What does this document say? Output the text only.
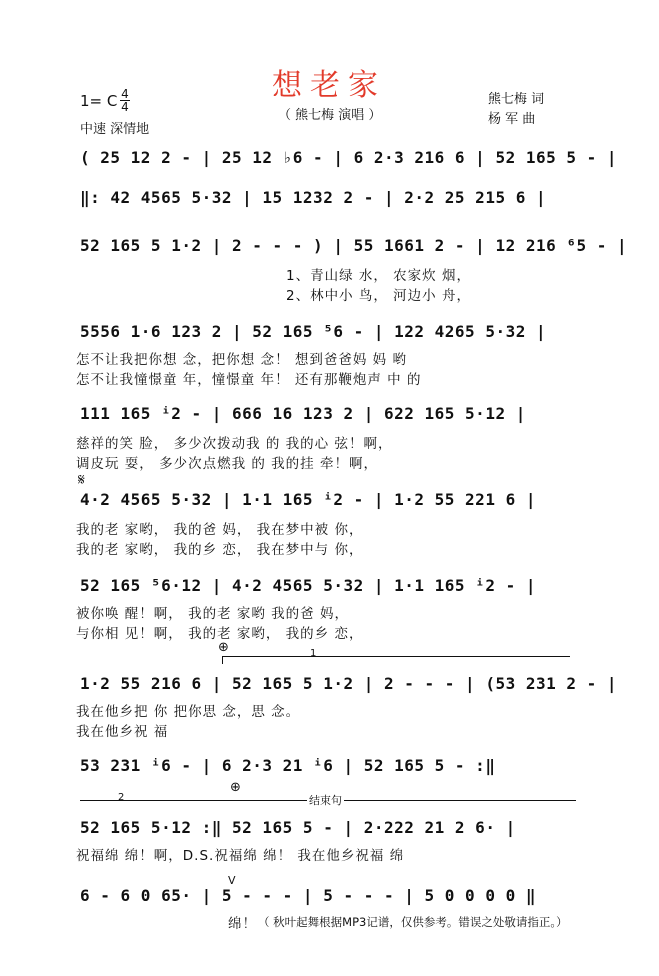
想老家
（ 熊七梅 演唱 ）
1= C 4
4
中速 深情地
熊七梅 词
杨 军 曲
( 25 12 2 - | 25 12 ♭6 - | 6 2·3 216 6 | 52 165 5 - |
‖: 42 4565 5·32 | 15 1232 2 - | 2·2 25 215 6 |
52 165 5 1·2 | 2 - - - ) | 55 1661 2 - | 12 216 ⁶5 - |
1、青山绿 水， 农家炊 烟，
2、林中小 鸟， 河边小 舟，
5556 1·6 123 2 | 52 165 ⁵6 - | 122 4265 5·32 |
怎不让我把你想 念，把你想 念！ 想到爸爸妈 妈 哟
怎不让我憧憬童 年，憧憬童 年！ 还有那鞭炮声 中 的
111 165 ⁱ2 - | 666 16 123 2 | 622 165 5·12 |
慈祥的笑 脸， 多少次拨动我 的 我的心 弦！啊，
调皮玩 耍， 多少次点燃我 的 我的挂 牵！啊，
𝄋
4·2 4565 5·32 | 1·1 165 ⁱ2 - | 1·2 55 221 6 |
我的老 家哟， 我的爸 妈， 我在梦中被 你，
我的老 家哟， 我的乡 恋， 我在梦中与 你，
52 165 ⁵6·12 | 4·2 4565 5·32 | 1·1 165 ⁱ2 - |
被你唤 醒！啊， 我的老 家哟 我的爸 妈，
与你相 见！啊， 我的老 家哟， 我的乡 恋，
⊕	1
1·2 55 216 6 | 52 165 5 1·2 | 2 - - - | (53 231 2 - |
我在他乡把 你 把你思 念，思 念。
我在他乡祝 福
53 231 ⁱ6 - | 6 2·3 21 ⁱ6 | 52 165 5 - :‖
2
⊕
结束句
52 165 5·12 :‖ 52 165 5 - | 2·222 21 2 6· |
祝福绵 绵！啊，D.S.祝福绵 绵！ 我在他乡祝福 绵
V
6 - 6 0 65· | 5 - - - | 5 - - - | 5 0 0 0 0 ‖
绵！ （ 秋叶起舞根据MP3记谱，仅供参考。错误之处敬请指正。）
